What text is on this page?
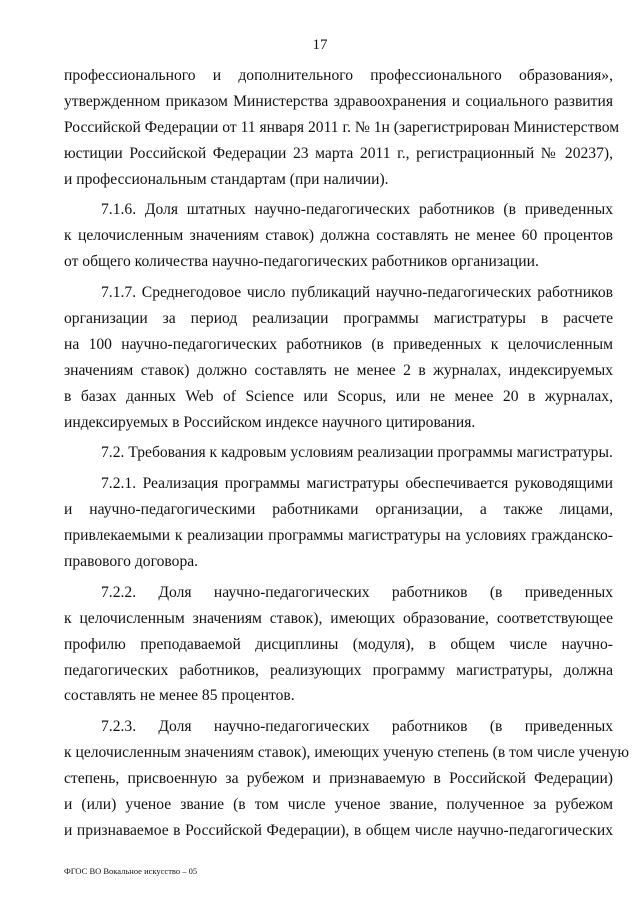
17
профессионального и дополнительного профессионального образования»,
утвержденном приказом Министерства здравоохранения и социального развития
Российской Федерации от 11 января 2011 г. № 1н (зарегистрирован Министерством
юстиции Российской Федерации 23 марта 2011 г., регистрационный № 20237),
и профессиональным стандартам (при наличии).
7.1.6. Доля штатных научно-педагогических работников (в приведенных
к целочисленным значениям ставок) должна составлять не менее 60 процентов
от общего количества научно-педагогических работников организации.
7.1.7. Среднегодовое число публикаций научно-педагогических работников
организации за период реализации программы магистратуры в расчете
на 100 научно-педагогических работников (в приведенных к целочисленным
значениям ставок) должно составлять не менее 2 в журналах, индексируемых
в базах данных Web of Science или Scopus, или не менее 20 в журналах,
индексируемых в Российском индексе научного цитирования.
7.2. Требования к кадровым условиям реализации программы магистратуры.
7.2.1. Реализация программы магистратуры обеспечивается руководящими
и научно-педагогическими работниками организации, а также лицами,
привлекаемыми к реализации программы магистратуры на условиях гражданско-
правового договора.
7.2.2. Доля научно-педагогических работников (в приведенных
к целочисленным значениям ставок), имеющих образование, соответствующее
профилю преподаваемой дисциплины (модуля), в общем числе научно-
педагогических работников, реализующих программу магистратуры, должна
составлять не менее 85 процентов.
7.2.3. Доля научно-педагогических работников (в приведенных
к целочисленным значениям ставок), имеющих ученую степень (в том числе ученую
степень, присвоенную за рубежом и признаваемую в Российской Федерации)
и (или) ученое звание (в том числе ученое звание, полученное за рубежом
и признаваемое в Российской Федерации), в общем числе научно-педагогических
ФГОС ВО Вокальное искусство – 05
